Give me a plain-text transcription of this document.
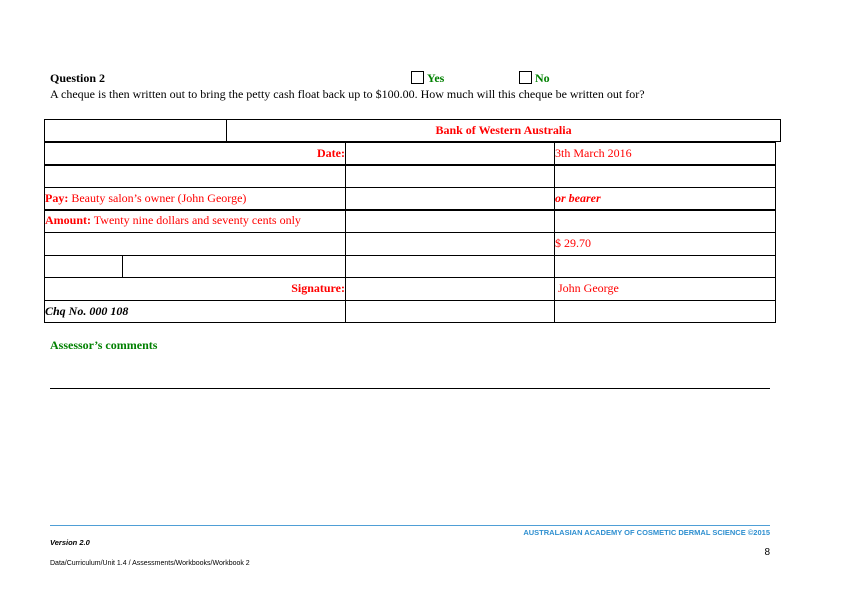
Question 2	Yes	No
A cheque is then written out to bring the petty cash float back up to $100.00. How much will this cheque be written out for?
Bank of Western Australia
Date:	3th March 2016
Pay: Beauty salon’s owner (John George)	or bearer
Amount: Twenty nine dollars and seventy cents only
$ 29.70
Signature:	John George
Chq No. 000 108
Assessor’s comments
AUSTRALASIAN ACADEMY OF COSMETIC DERMAL SCIENCE ©2015
Version 2.0
8
Data/Curriculum/Unit 1.4 / Assessments/Workbooks/Workbook 2
